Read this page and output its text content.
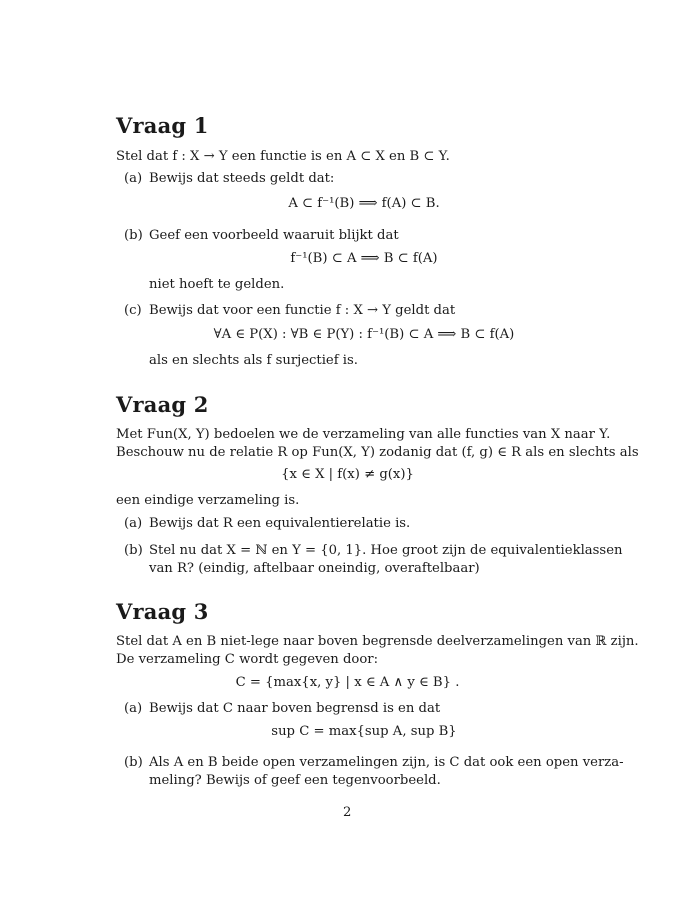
Vraag 1
Stel dat f : X → Y een functie is en A ⊂ X en B ⊂ Y.
(a) Bewijs dat steeds geldt dat:
A ⊂ f⁻¹(B) ⟹ f(A) ⊂ B.
(b) Geef een voorbeeld waaruit blijkt dat
f⁻¹(B) ⊂ A ⟹ B ⊂ f(A)
niet hoeft te gelden.
(c) Bewijs dat voor een functie f : X → Y geldt dat
∀A ∈ P(X) : ∀B ∈ P(Y) : f⁻¹(B) ⊂ A ⟹ B ⊂ f(A)
als en slechts als f surjectief is.
Vraag 2
Met Fun(X, Y) bedoelen we de verzameling van alle functies van X naar Y.
Beschouw nu de relatie R op Fun(X, Y) zodanig dat (f, g) ∈ R als en slechts als
{x ∈ X | f(x) ≠ g(x)}
een eindige verzameling is.
(a) Bewijs dat R een equivalentierelatie is.
(b) Stel nu dat X = ℕ en Y = {0, 1}. Hoe groot zijn de equivalentieklassen
van R? (eindig, aftelbaar oneindig, overaftelbaar)
Vraag 3
Stel dat A en B niet-lege naar boven begrensde deelverzamelingen van ℝ zijn.
De verzameling C wordt gegeven door:
C = {max{x, y} | x ∈ A ∧ y ∈ B} .
(a) Bewijs dat C naar boven begrensd is en dat
sup C = max{sup A, sup B}
(b) Als A en B beide open verzamelingen zijn, is C dat ook een open verza-
meling? Bewijs of geef een tegenvoorbeeld.
2
